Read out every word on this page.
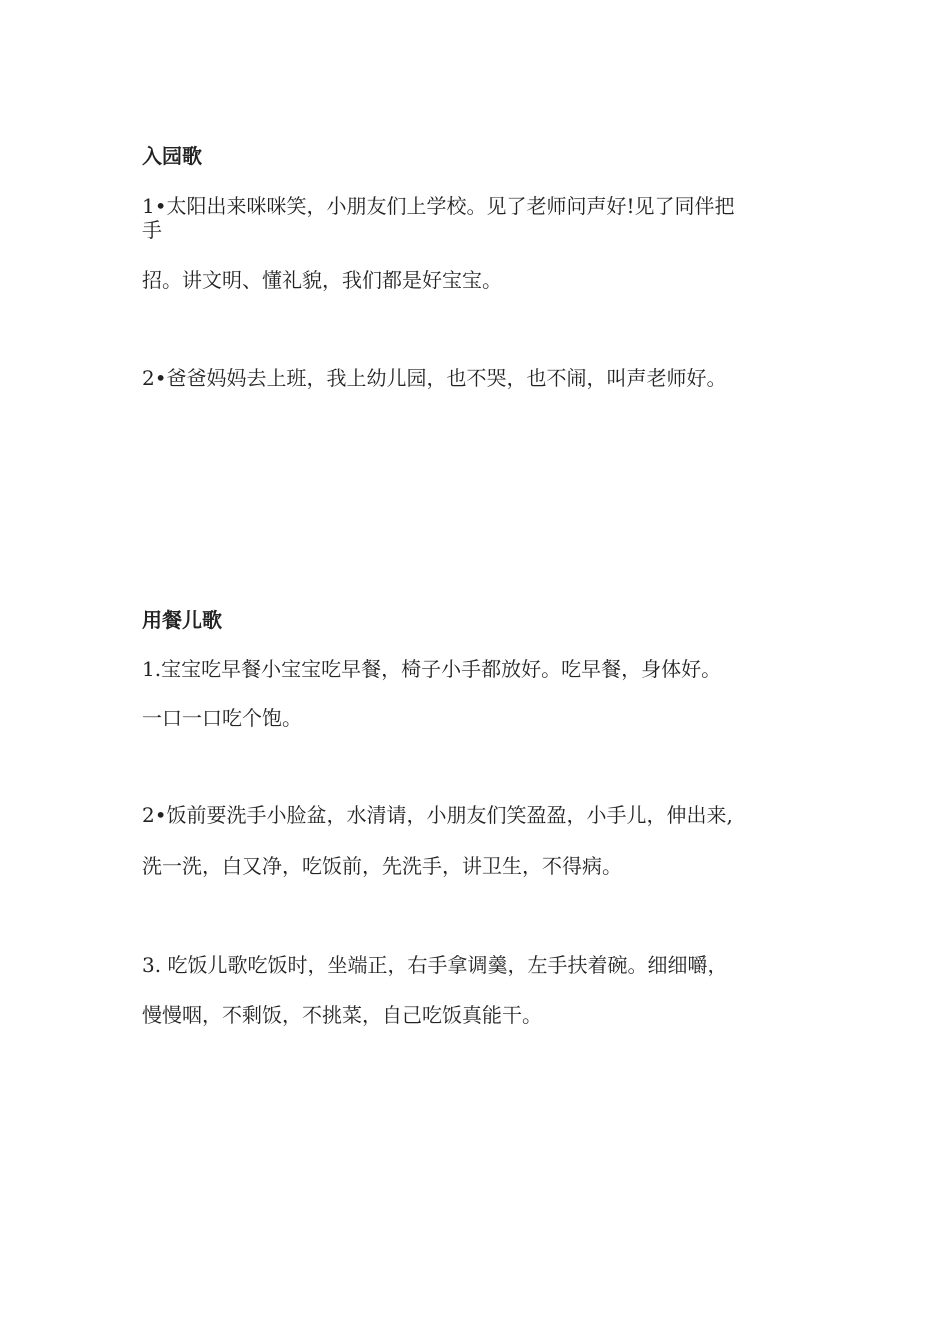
入园歌

1•太阳出来咪咪笑，小朋友们上学校。见了老师问声好!见了同伴把

手

招。讲文明、懂礼貌，我们都是好宝宝。

2•爸爸妈妈去上班，我上幼儿园，也不哭，也不闹，叫声老师好。

用餐儿歌

1.宝宝吃早餐小宝宝吃早餐，椅子小手都放好。吃早餐，身体好。

一口一口吃个饱。

2•饭前要洗手小脸盆，水清请，小朋友们笑盈盈，小手儿，伸出来,

洗一洗，白又净，吃饭前，先洗手，讲卫生，不得病。

3. 吃饭儿歌吃饭时，坐端正，右手拿调羹，左手扶着碗。细细嚼，

慢慢咽，不剩饭，不挑菜，自己吃饭真能干。
